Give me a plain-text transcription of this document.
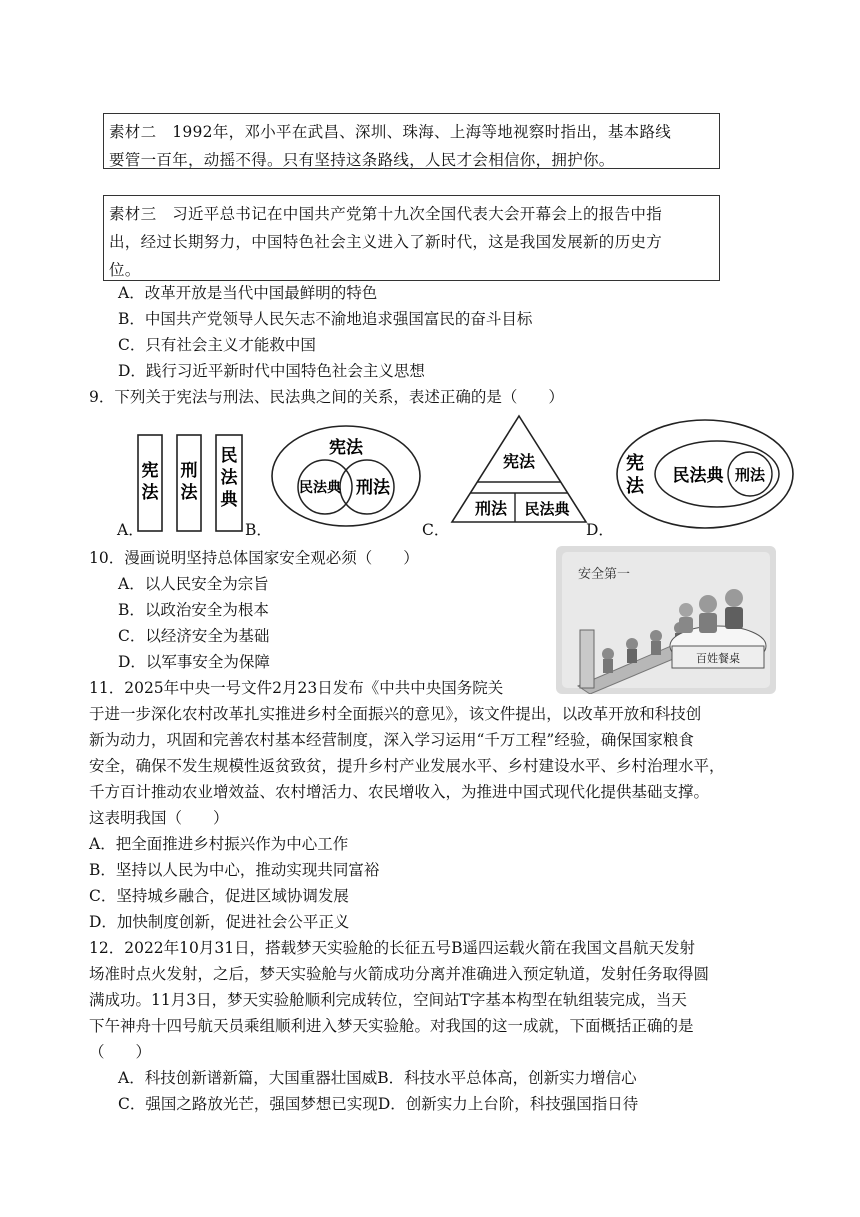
素材二　1992年，邓小平在武昌、深圳、珠海、上海等地视察时指出，基本路线
要管一百年，动摇不得。只有坚持这条路线，人民才会相信你，拥护你。
素材三　习近平总书记在中国共产党第十九次全国代表大会开幕会上的报告中指
出，经过长期努力，中国特色社会主义进入了新时代，这是我国发展新的历史方
位。
A．改革开放是当代中国最鲜明的特色
B．中国共产党领导人民矢志不渝地追求强国富民的奋斗目标
C．只有社会主义才能救中国
D．践行习近平新时代中国特色社会主义思想
9．下列关于宪法与刑法、民法典之间的关系，表述正确的是（　　）
A．	B．	C．	D．
宪
法
刑
法
民
法
典
宪法
民法典 刑法
宪法
刑法 民法典
宪
法 民法典 刑法
10．漫画说明坚持总体国家安全观必须（　　）
A．以人民安全为宗旨
B．以政治安全为根本
C．以经济安全为基础
D．以军事安全为保障
安全第一
百姓餐桌
11．2025年中央一号文件2月23日发布《中共中央国务院关
于进一步深化农村改革扎实推进乡村全面振兴的意见》，该文件提出，以改革开放和科技创
新为动力，巩固和完善农村基本经营制度，深入学习运用“千万工程”经验，确保国家粮食
安全，确保不发生规模性返贫致贫，提升乡村产业发展水平、乡村建设水平、乡村治理水平，
千方百计推动农业增效益、农村增活力、农民增收入，为推进中国式现代化提供基础支撑。
这表明我国（　　）
A．把全面推进乡村振兴作为中心工作
B．坚持以人民为中心，推动实现共同富裕
C．坚持城乡融合，促进区域协调发展
D．加快制度创新，促进社会公平正义
12．2022年10月31日，搭载梦天实验舱的长征五号B遥四运载火箭在我国文昌航天发射
场准时点火发射，之后，梦天实验舱与火箭成功分离并准确进入预定轨道，发射任务取得圆
满成功。11月3日，梦天实验舱顺利完成转位，空间站T字基本构型在轨组装完成，当天
下午神舟十四号航天员乘组顺利进入梦天实验舱。对我国的这一成就，下面概括正确的是
（　　）
A．科技创新谱新篇，大国重器壮国威B．科技水平总体高，创新实力增信心
C．强国之路放光芒，强国梦想已实现D．创新实力上台阶，科技强国指日待
